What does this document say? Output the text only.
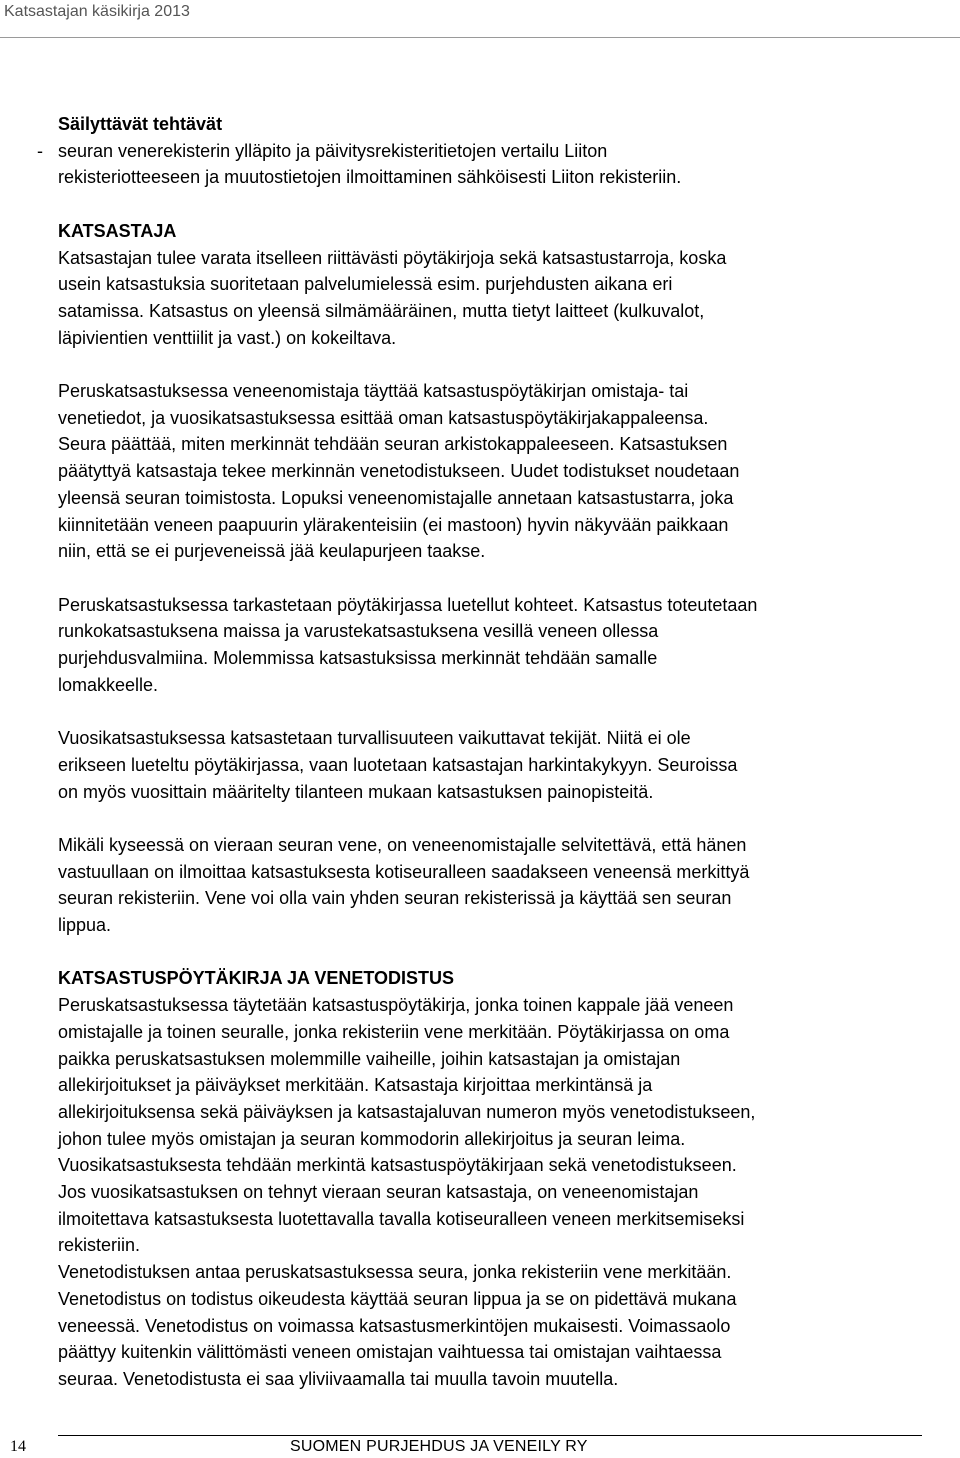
Katsastajan käsikirja 2013

Säilyttävät tehtävät

- seuran venerekisterin ylläpito ja päivitysrekisteritietojen vertailu Liiton

rekisteriotteeseen ja muutostietojen ilmoittaminen sähköisesti Liiton rekisteriin.

KATSASTAJA

Katsastajan tulee varata itselleen riittävästi pöytäkirjoja sekä katsastustarroja, koska

usein katsastuksia suoritetaan palvelumielessä esim. purjehdusten aikana eri

satamissa. Katsastus on yleensä silmämääräinen, mutta tietyt laitteet (kulkuvalot,

läpivientien venttiilit ja vast.) on kokeiltava.

Peruskatsastuksessa veneenomistaja täyttää katsastuspöytäkirjan omistaja- tai

venetiedot, ja vuosikatsastuksessa esittää oman katsastuspöytäkirjakappaleensa.

Seura päättää, miten merkinnät tehdään seuran arkistokappaleeseen. Katsastuksen

päätyttyä katsastaja tekee merkinnän venetodistukseen. Uudet todistukset noudetaan

yleensä seuran toimistosta. Lopuksi veneenomistajalle annetaan katsastustarra, joka

kiinnitetään veneen paapuurin ylärakenteisiin (ei mastoon) hyvin näkyvään paikkaan

niin, että se ei purjeveneissä jää keulapurjeen taakse.

Peruskatsastuksessa tarkastetaan pöytäkirjassa luetellut kohteet. Katsastus toteutetaan

runkokatsastuksena maissa ja varustekatsastuksena vesillä veneen ollessa

purjehdusvalmiina. Molemmissa katsastuksissa merkinnät tehdään samalle

lomakkeelle.

Vuosikatsastuksessa katsastetaan turvallisuuteen vaikuttavat tekijät. Niitä ei ole

erikseen lueteltu pöytäkirjassa, vaan luotetaan katsastajan harkintakykyyn. Seuroissa

on myös vuosittain määritelty tilanteen mukaan katsastuksen painopisteitä.

Mikäli kyseessä on vieraan seuran vene, on veneenomistajalle selvitettävä, että hänen

vastuullaan on ilmoittaa katsastuksesta kotiseuralleen saadakseen veneensä merkittyä

seuran rekisteriin. Vene voi olla vain yhden seuran rekisterissä ja käyttää sen seuran

lippua.

KATSASTUSPÖYTÄKIRJA JA VENETODISTUS

Peruskatsastuksessa täytetään katsastuspöytäkirja, jonka toinen kappale jää veneen

omistajalle ja toinen seuralle, jonka rekisteriin vene merkitään. Pöytäkirjassa on oma

paikka peruskatsastuksen molemmille vaiheille, joihin katsastajan ja omistajan

allekirjoitukset ja päiväykset merkitään. Katsastaja kirjoittaa merkintänsä ja

allekirjoituksensa sekä päiväyksen ja katsastajaluvan numeron myös venetodistukseen,

johon tulee myös omistajan ja seuran kommodorin allekirjoitus ja seuran leima.

Vuosikatsastuksesta tehdään merkintä katsastuspöytäkirjaan sekä venetodistukseen.

Jos vuosikatsastuksen on tehnyt vieraan seuran katsastaja, on veneenomistajan

ilmoitettava katsastuksesta luotettavalla tavalla kotiseuralleen veneen merkitsemiseksi

rekisteriin.

Venetodistuksen antaa peruskatsastuksessa seura, jonka rekisteriin vene merkitään.

Venetodistus on todistus oikeudesta käyttää seuran lippua ja se on pidettävä mukana

veneessä. Venetodistus on voimassa katsastusmerkintöjen mukaisesti. Voimassaolo

päättyy kuitenkin välittömästi veneen omistajan vaihtuessa tai omistajan vaihtaessa

seuraa. Venetodistusta ei saa yliviivaamalla tai muulla tavoin muutella.

14	SUOMEN PURJEHDUS JA VENEILY RY
